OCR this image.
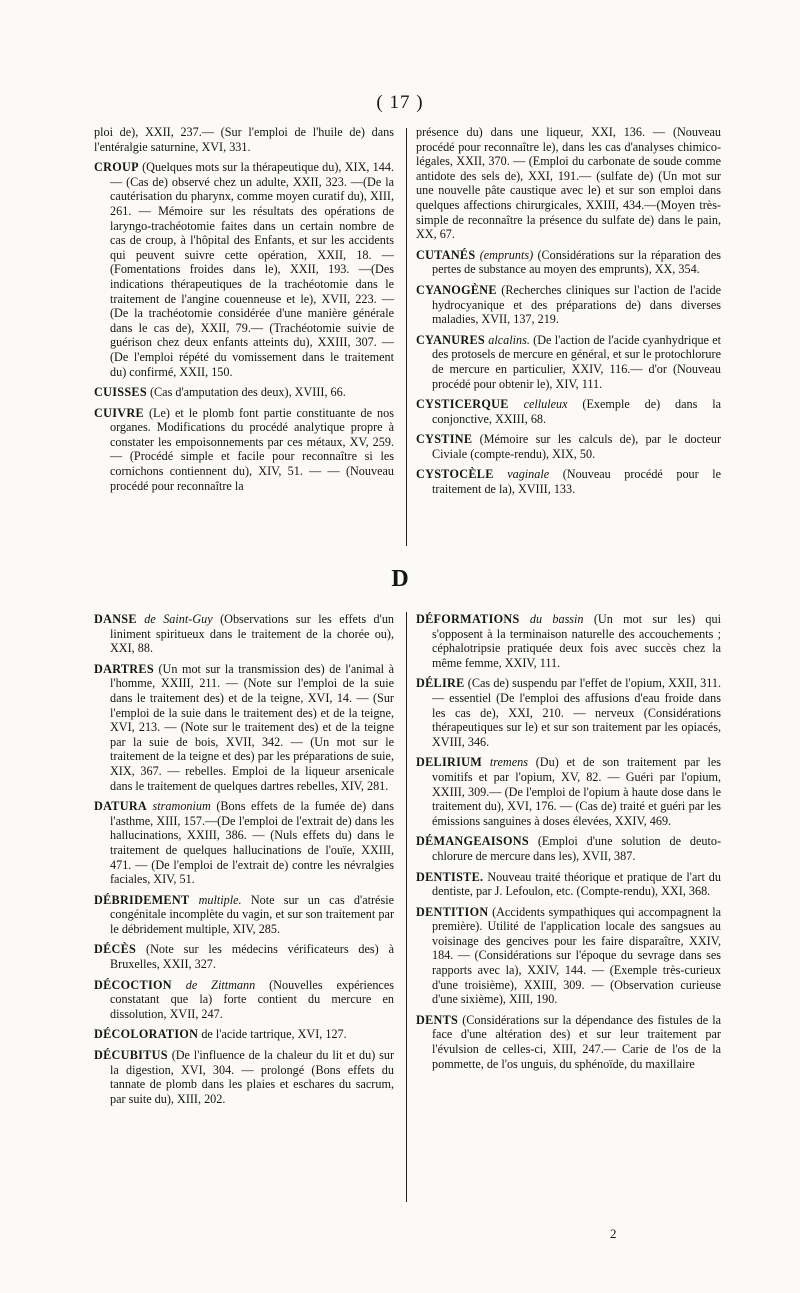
( 17 )

ploi de), XXII, 237.— (Sur l'emploi de l'huile de) dans l'entéralgie saturnine, XVI, 331.

CROUP (Quelques mots sur la thérapeutique du), XIX, 144. — (Cas de) observé chez un adulte, XXII, 323. —(De la cautérisation du pharynx, comme moyen curatif du), XIII, 261. — Mémoire sur les résultats des opérations de laryngo-trachéotomie faites dans un certain nombre de cas de croup, à l'hôpital des Enfants, et sur les accidents qui peuvent suivre cette opération, XXII, 18. — (Fomentations froides dans le), XXII, 193. —(Des indications thérapeutiques de la trachéotomie dans le traitement de l'angine couenneuse et le), XVII, 223. —(De la trachéotomie considérée d'une manière générale dans le cas de), XXII, 79.— (Trachéotomie suivie de guérison chez deux enfants atteints du), XXIII, 307. — (De l'emploi répété du vomissement dans le traitement du) confirmé, XXII, 150.

CUISSES (Cas d'amputation des deux), XVIII, 66.

CUIVRE (Le) et le plomb font partie constituante de nos organes. Modifications du procédé analytique propre à constater les empoisonnements par ces métaux, XV, 259.— (Procédé simple et facile pour reconnaître si les cornichons contiennent du), XIV, 51. — — (Nouveau procédé pour reconnaître la

présence du) dans une liqueur, XXI, 136. — (Nouveau procédé pour reconnaître le), dans les cas d'analyses chimico-légales, XXII, 370. — (Emploi du carbonate de soude comme antidote des sels de), XXI, 191.— (sulfate de) (Un mot sur une nouvelle pâte caustique avec le) et sur son emploi dans quelques affections chirurgicales, XXIII, 434.—(Moyen très-simple de reconnaître la présence du sulfate de) dans le pain, XX, 67.

CUTANÉS (emprunts) (Considérations sur la réparation des pertes de substance au moyen des emprunts), XX, 354.

CYANOGÈNE (Recherches cliniques sur l'action de l'acide hydrocyanique et des préparations de) dans diverses maladies, XVII, 137, 219.

CYANURES alcalins. (De l'action de l'acide cyanhydrique et des protosels de mercure en général, et sur le protochlorure de mercure en particulier, XXIV, 116.— d'or (Nouveau procédé pour obtenir le), XIV, 111.

CYSTICERQUE celluleux (Exemple de) dans la conjonctive, XXIII, 68.

CYSTINE (Mémoire sur les calculs de), par le docteur Civiale (compte-rendu), XIX, 50.

CYSTOCÈLE vaginale (Nouveau procédé pour le traitement de la), XVIII, 133.

D

DANSE de Saint-Guy (Observations sur les effets d'un liniment spiritueux dans le traitement de la chorée ou), XXI, 88.

DARTRES (Un mot sur la transmission des) de l'animal à l'homme, XXIII, 211. — (Note sur l'emploi de la suie dans le traitement des) et de la teigne, XVI, 14. — (Sur l'emploi de la suie dans le traitement des) et de la teigne, XVI, 213. — (Note sur le traitement des) et de la teigne par la suie de bois, XVII, 342. — (Un mot sur le traitement de la teigne et des) par les préparations de suie, XIX, 367. — rebelles. Emploi de la liqueur arsenicale dans le traitement de quelques dartres rebelles, XIV, 281.

DATURA stramonium (Bons effets de la fumée de) dans l'asthme, XIII, 157.—(De l'emploi de l'extrait de) dans les hallucinations, XXIII, 386. — (Nuls effets du) dans le traitement de quelques hallucinations de l'ouïe, XXIII, 471. — (De l'emploi de l'extrait de) contre les névralgies faciales, XIV, 51.

DÉBRIDEMENT multiple. Note sur un cas d'atrésie congénitale incomplète du vagin, et sur son traitement par le débridement multiple, XIV, 285.

DÉCÈS (Note sur les médecins vérificateurs des) à Bruxelles, XXII, 327.

DÉCOCTION de Zittmann (Nouvelles expériences constatant que la) forte contient du mercure en dissolution, XVII, 247.

DÉCOLORATION de l'acide tartrique, XVI, 127.

DÉCUBITUS (De l'influence de la chaleur du lit et du) sur la digestion, XVI, 304. — prolongé (Bons effets du tannate de plomb dans les plaies et eschares du sacrum, par suite du), XIII, 202.

DÉFORMATIONS du bassin (Un mot sur les) qui s'opposent à la terminaison naturelle des accouchements ; céphalotripsie pratiquée deux fois avec succès chez la même femme, XXIV, 111.

DÉLIRE (Cas de) suspendu par l'effet de l'opium, XXII, 311. — essentiel (De l'emploi des affusions d'eau froide dans les cas de), XXI, 210. — nerveux (Considérations thérapeutiques sur le) et sur son traitement par les opiacés, XVIII, 346.

DELIRIUM tremens (Du) et de son traitement par les vomitifs et par l'opium, XV, 82. — Guéri par l'opium, XXIII, 309.— (De l'emploi de l'opium à haute dose dans le traitement du), XVI, 176. — (Cas de) traité et guéri par les émissions sanguines à doses élevées, XXIV, 469.

DÉMANGEAISONS (Emploi d'une solution de deuto-chlorure de mercure dans les), XVII, 387.

DENTISTE. Nouveau traité théorique et pratique de l'art du dentiste, par J. Lefoulon, etc. (Compte-rendu), XXI, 368.

DENTITION (Accidents sympathiques qui accompagnent la première). Utilité de l'application locale des sangsues au voisinage des gencives pour les faire disparaître, XXIV, 184. — (Considérations sur l'époque du sevrage dans ses rapports avec la), XXIV, 144. — (Exemple très-curieux d'une troisième), XXIII, 309. — (Observation curieuse d'une sixième), XIII, 190.

DENTS (Considérations sur la dépendance des fistules de la face d'une altération des) et sur leur traitement par l'évulsion de celles-ci, XIII, 247.— Carie de l'os de la pommette, de l'os unguis, du sphénoïde, du maxillaire

2
